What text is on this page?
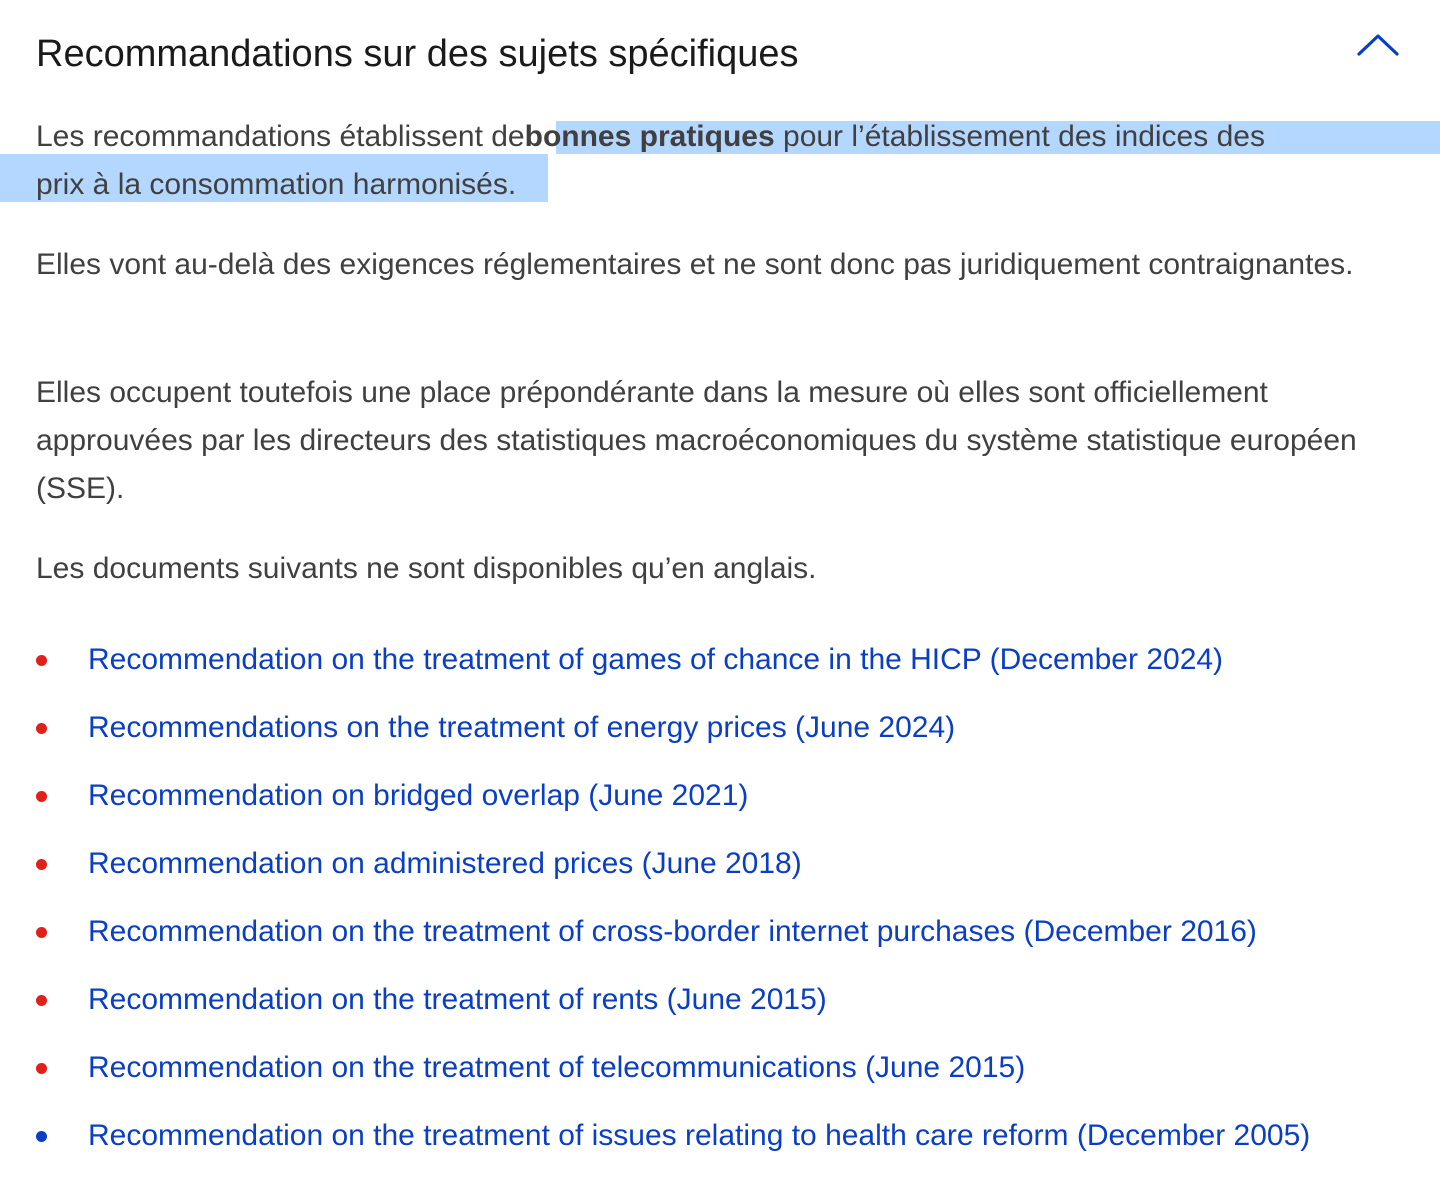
Recommandations sur des sujets spécifiques

Les recommandations établissent debonnes pratiques pour l’établissement des indices des
prix à la consommation harmonisés.

Elles vont au-delà des exigences réglementaires et ne sont donc pas juridiquement contraignantes.

Elles occupent toutefois une place prépondérante dans la mesure où elles sont officiellement approuvées par les directeurs des statistiques macroéconomiques du système statistique européen (SSE).

Les documents suivants ne sont disponibles qu’en anglais.

Recommendation on the treatment of games of chance in the HICP (December 2024)
Recommendations on the treatment of energy prices (June 2024)
Recommendation on bridged overlap (June 2021)
Recommendation on administered prices (June 2018)
Recommendation on the treatment of cross-border internet purchases (December 2016)
Recommendation on the treatment of rents (June 2015)
Recommendation on the treatment of telecommunications (June 2015)
Recommendation on the treatment of issues relating to health care reform (December 2005)
